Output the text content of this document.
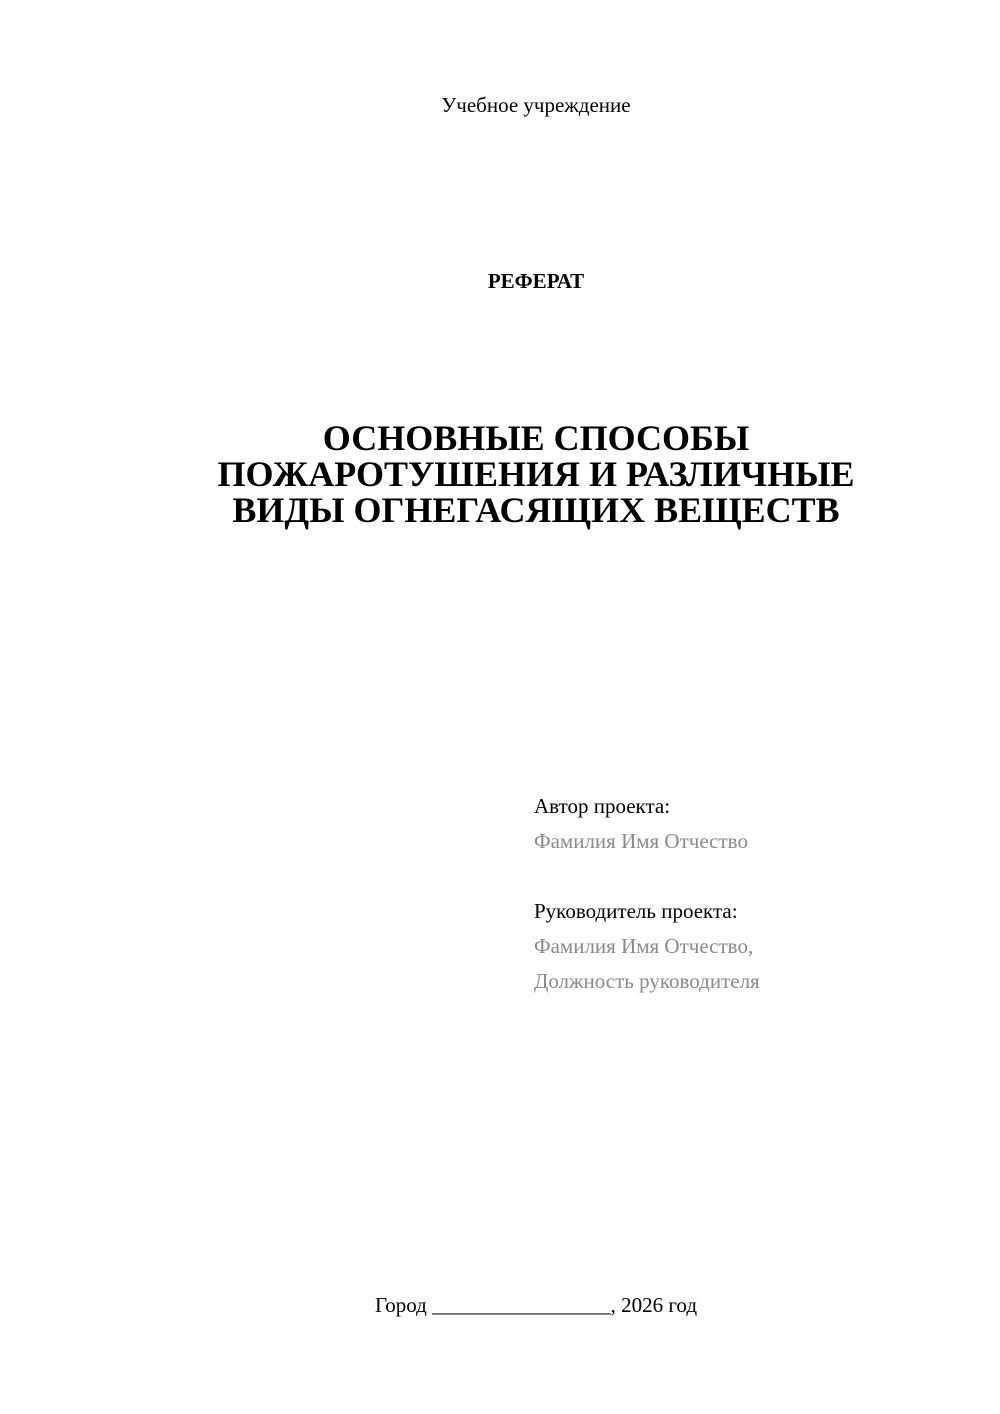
Учебное учреждение
РЕФЕРАТ
ОСНОВНЫЕ СПОСОБЫ
ПОЖАРОТУШЕНИЯ И РАЗЛИЧНЫЕ
ВИДЫ ОГНЕГАСЯЩИХ ВЕЩЕСТВ
Автор проекта:
Фамилия Имя Отчество
Руководитель проекта:
Фамилия Имя Отчество,
Должность руководителя
Город _________________, 2026 год
